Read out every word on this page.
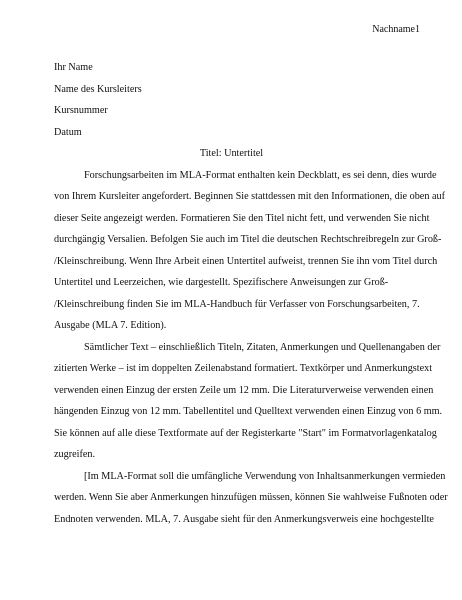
Nachname1
Ihr Name
Name des Kursleiters
Kursnummer
Datum
Titel: Untertitel
Forschungsarbeiten im MLA-Format enthalten kein Deckblatt, es sei denn, dies wurde
von Ihrem Kursleiter angefordert. Beginnen Sie stattdessen mit den Informationen, die oben auf
dieser Seite angezeigt werden. Formatieren Sie den Titel nicht fett, und verwenden Sie nicht
durchgängig Versalien. Befolgen Sie auch im Titel die deutschen Rechtschreibregeln zur Groß-
/Kleinschreibung. Wenn Ihre Arbeit einen Untertitel aufweist, trennen Sie ihn vom Titel durch
Untertitel und Leerzeichen, wie dargestellt. Spezifischere Anweisungen zur Groß-
/Kleinschreibung finden Sie im MLA-Handbuch für Verfasser von Forschungsarbeiten, 7.
Ausgabe (MLA 7. Edition).
Sämtlicher Text – einschließlich Titeln, Zitaten, Anmerkungen und Quellenangaben der
zitierten Werke – ist im doppelten Zeilenabstand formatiert. Textkörper und Anmerkungstext
verwenden einen Einzug der ersten Zeile um 12 mm. Die Literaturverweise verwenden einen
hängenden Einzug von 12 mm. Tabellentitel und Quelltext verwenden einen Einzug von 6 mm.
Sie können auf alle diese Textformate auf der Registerkarte "Start" im Formatvorlagenkatalog
zugreifen.
[Im MLA-Format soll die umfängliche Verwendung von Inhaltsanmerkungen vermieden
werden. Wenn Sie aber Anmerkungen hinzufügen müssen, können Sie wahlweise Fußnoten oder
Endnoten verwenden. MLA, 7. Ausgabe sieht für den Anmerkungsverweis eine hochgestellte
